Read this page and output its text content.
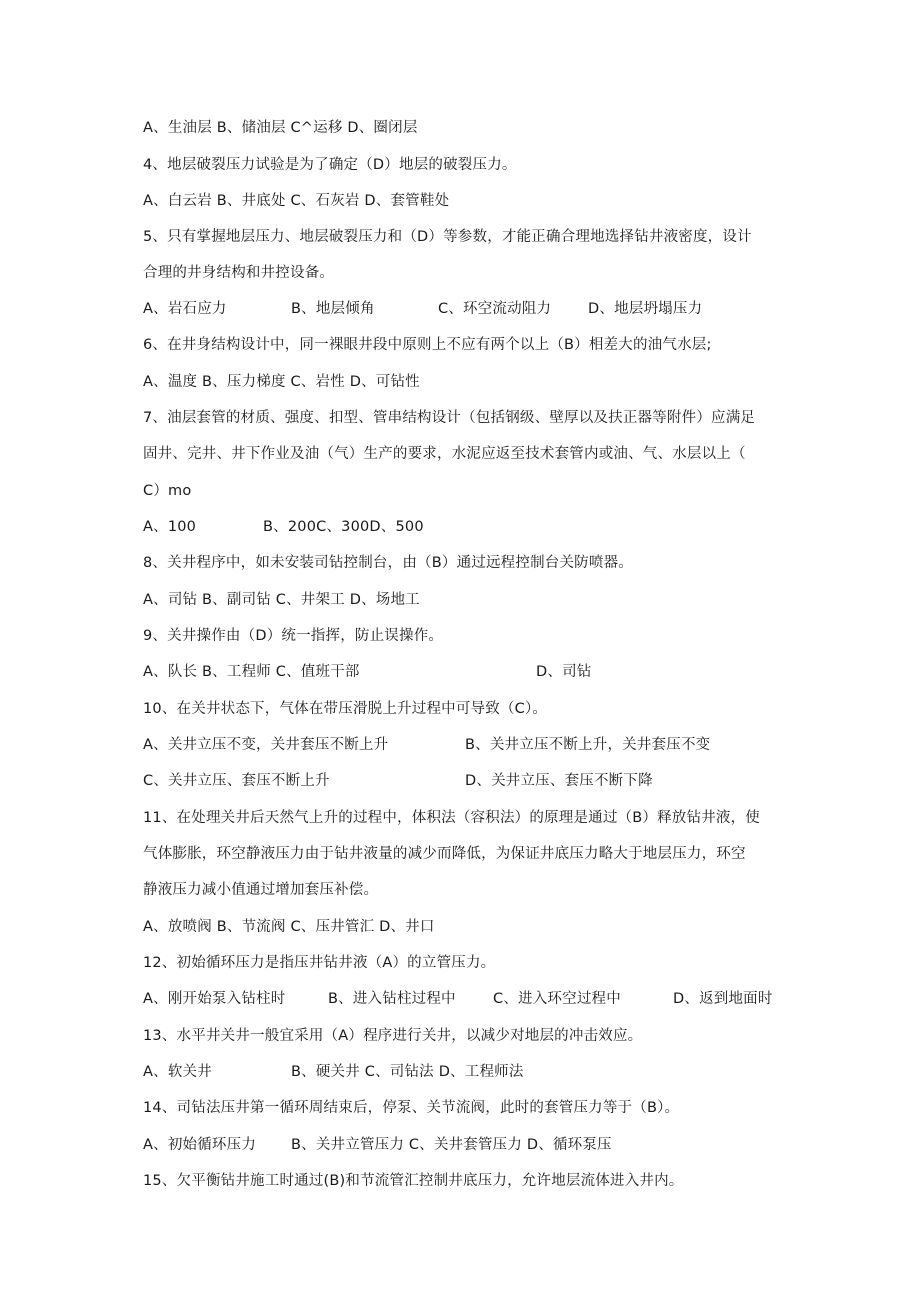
A、生油层 B、储油层 C^运移 D、圈闭层
4、地层破裂压力试验是为了确定（D）地层的破裂压力。
A、白云岩 B、井底处 C、石灰岩 D、套管鞋处
5、只有掌握地层压力、地层破裂压力和（D）等参数，才能正确合理地选择钻井液密度，设计
合理的井身结构和井控设备。
A、岩石应力	B、地层倾角	C、环空流动阻力	D、地层坍塌压力
6、在井身结构设计中，同一裸眼井段中原则上不应有两个以上（B）相差大的油气水层;
A、温度 B、压力梯度 C、岩性 D、可钻性
7、油层套管的材质、强度、扣型、管串结构设计（包括钢级、壁厚以及扶正器等附件）应满足
固井、完井、井下作业及油（气）生产的要求，水泥应返至技术套管内或油、气、水层以上（
C）mo
A、100	B、200C、300D、500
8、关井程序中，如未安装司钻控制台，由（B）通过远程控制台关防喷器。
A、司钻 B、副司钻 C、井架工 D、场地工
9、关井操作由（D）统一指挥，防止误操作。
A、队长 B、工程师 C、值班干部	D、司钻
10、在关井状态下，气体在带压滑脱上升过程中可导致（C）。
A、关井立压不变，关井套压不断上升	B、关井立压不断上升，关井套压不变
C、关井立压、套压不断上升	D、关井立压、套压不断下降
11、在处理关井后天然气上升的过程中，体积法（容积法）的原理是通过（B）释放钻井液，使
气体膨胀，环空静液压力由于钻井液量的减少而降低，为保证井底压力略大于地层压力，环空
静液压力减小值通过增加套压补偿。
A、放喷阀 B、节流阀 C、压井管汇 D、井口
12、初始循环压力是指压井钻井液（A）的立管压力。
A、刚开始泵入钻柱时	B、进入钻柱过程中	C、进入环空过程中	D、返到地面时
13、水平井关井一般宜采用（A）程序进行关井，以减少对地层的冲击效应。
A、软关井	B、硬关井 C、司钻法 D、工程师法
14、司钻法压井第一循环周结束后，停泵、关节流阀，此时的套管压力等于（B）。
A、初始循环压力 B、关井立管压力 C、关井套管压力 D、循环泵压
15、欠平衡钻井施工时通过(B)和节流管汇控制井底压力，允许地层流体进入井内。
